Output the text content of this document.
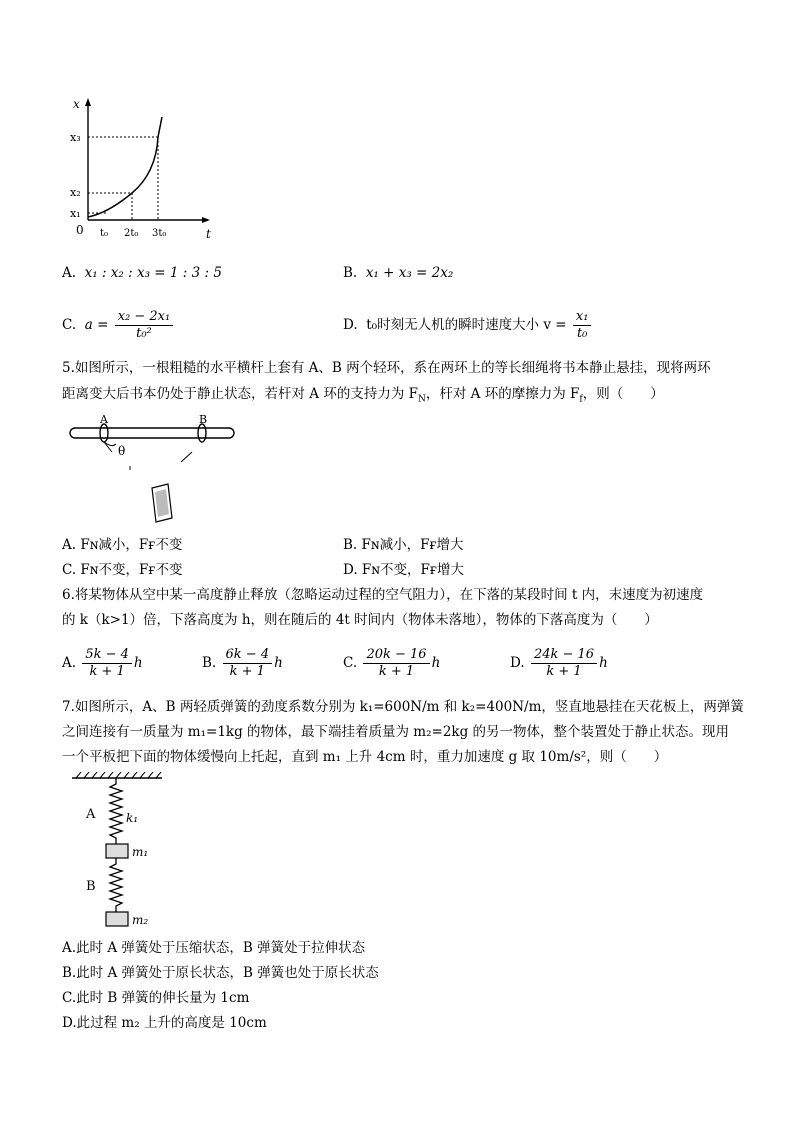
x
t
0
x₁
x₂
x₃
t₀ 2t₀ 3t₀
A. x₁ : x₂ : x₃ = 1 : 3 : 5	B. x₁ + x₃ = 2x₂
C. $a = \frac{\text{x₂ − 2x₁}}{\text{t₀²}}$	D. t₀时刻无人机的瞬时速度大小 $v = \frac{\text{x₁}}{\text{t₀}}$
5.如图所示，一根粗糙的水平横杆上套有 A、B 两个轻环，系在两环上的等长细绳将书本静止悬挂，现将两环
距离变大后书本仍处于静止状态，若杆对 A 环的支持力为 $F_N$，杆对 A 环的摩擦力为 $F_f$，则（　　）
A	B
θ
A. Fɴ减小，Fғ不变	B. Fɴ减小，Fғ增大
C. Fɴ不变，Fғ不变	D. Fɴ不变，Fғ增大
6.将某物体从空中某一高度静止释放（忽略运动过程的空气阻力），在下落的某段时间 t 内，末速度为初速度
的 k（k>1）倍，下落高度为 h，则在随后的 4t 时间内（物体未落地），物体的下落高度为（　　）
A. $\frac{5k - 4}{k + 1}$ h	B. $\frac{6k - 4}{k + 1}$ h	C. $\frac{20k - 16}{k + 1}$ h	D. $\frac{24k - 16}{k + 1}$ h
7.如图所示，A、B 两轻质弹簧的劲度系数分别为 k₁=600N/m 和 k₂=400N/m，竖直地悬挂在天花板上，两弹簧
之间连接有一质量为 m₁=1kg 的物体，最下端挂着质量为 m₂=2kg 的另一物体，整个装置处于静止状态。现用
一个平板把下面的物体缓慢向上托起，直到 m₁ 上升 4cm 时，重力加速度 g 取 10m/s²，则（　　）
A
B
k₁
m₁
m₂
A.此时 A 弹簧处于压缩状态，B 弹簧处于拉伸状态
B.此时 A 弹簧处于原长状态，B 弹簧也处于原长状态
C.此时 B 弹簧的伸长量为 1cm
D.此过程 m₂ 上升的高度是 10cm
